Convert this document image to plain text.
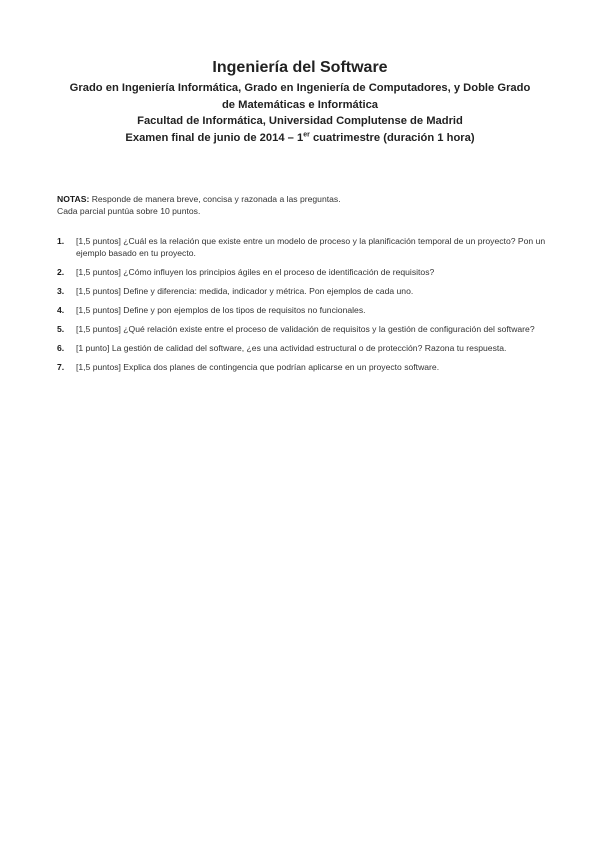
Ingeniería del Software
Grado en Ingeniería Informática, Grado en Ingeniería de Computadores, y Doble Grado
de Matemáticas e Informática
Facultad de Informática, Universidad Complutense de Madrid
Examen final de junio de 2014 – 1er cuatrimestre (duración 1 hora)
NOTAS: Responde de manera breve, concisa y razonada a las preguntas.
Cada parcial puntúa sobre 10 puntos.
1. [1,5 puntos] ¿Cuál es la relación que existe entre un modelo de proceso y la planificación temporal de un proyecto? Pon un ejemplo basado en tu proyecto.
2. [1,5 puntos] ¿Cómo influyen los principios ágiles en el proceso de identificación de requisitos?
3. [1,5 puntos] Define y diferencia: medida, indicador y métrica. Pon ejemplos de cada uno.
4. [1,5 puntos] Define y pon ejemplos de los tipos de requisitos no funcionales.
5. [1,5 puntos] ¿Qué relación existe entre el proceso de validación de requisitos y la gestión de configuración del software?
6. [1 punto] La gestión de calidad del software, ¿es una actividad estructural o de protección? Razona tu respuesta.
7. [1,5 puntos] Explica dos planes de contingencia que podrían aplicarse en un proyecto software.
